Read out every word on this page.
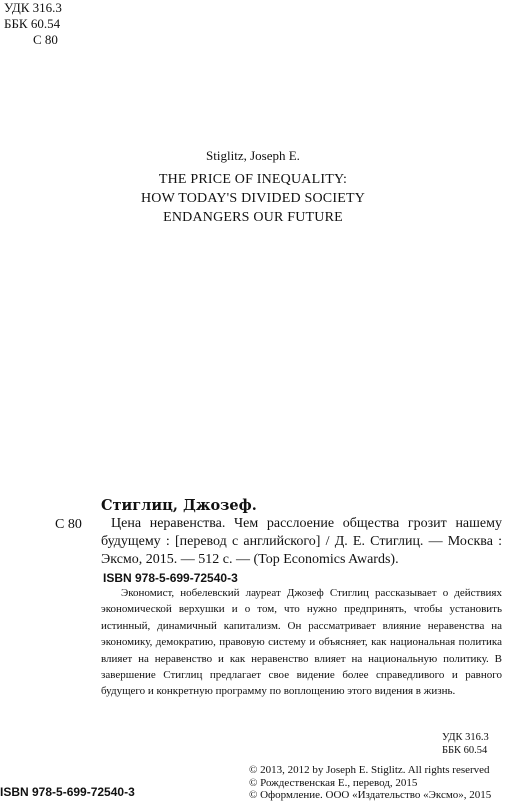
УДК 316.3
ББК 60.54
С 80
Stiglitz, Joseph E.
THE PRICE OF INEQUALITY:
HOW TODAY'S DIVIDED SOCIETY
ENDANGERS OUR FUTURE
Стиглиц, Джозеф.
С 80	Цена неравенства. Чем расслоение общества грозит нашему будущему : [перевод с английского] / Д. Е. Стиглиц. — Москва : Эксмо, 2015. — 512 с. — (Top Economics Awards).
ISBN 978-5-699-72540-3
Экономист, нобелевский лауреат Джозеф Стиглиц рассказывает о действиях экономической верхушки и о том, что нужно предпринять, чтобы установить истинный, динамичный капитализм. Он рассматривает влияние неравенства на экономику, демократию, правовую систему и объясняет, как национальная политика влияет на неравенство и как неравенство влияет на национальную политику. В завершение Стиглиц предлагает свое видение более справедливого и равного будущего и конкретную программу по воплощению этого видения в жизнь.
УДК 316.3
ББК 60.54
© 2013, 2012 by Joseph E. Stiglitz. All rights reserved
© Рождественская Е., перевод, 2015
© Оформление. ООО «Издательство «Эксмо», 2015
ISBN 978-5-699-72540-3
